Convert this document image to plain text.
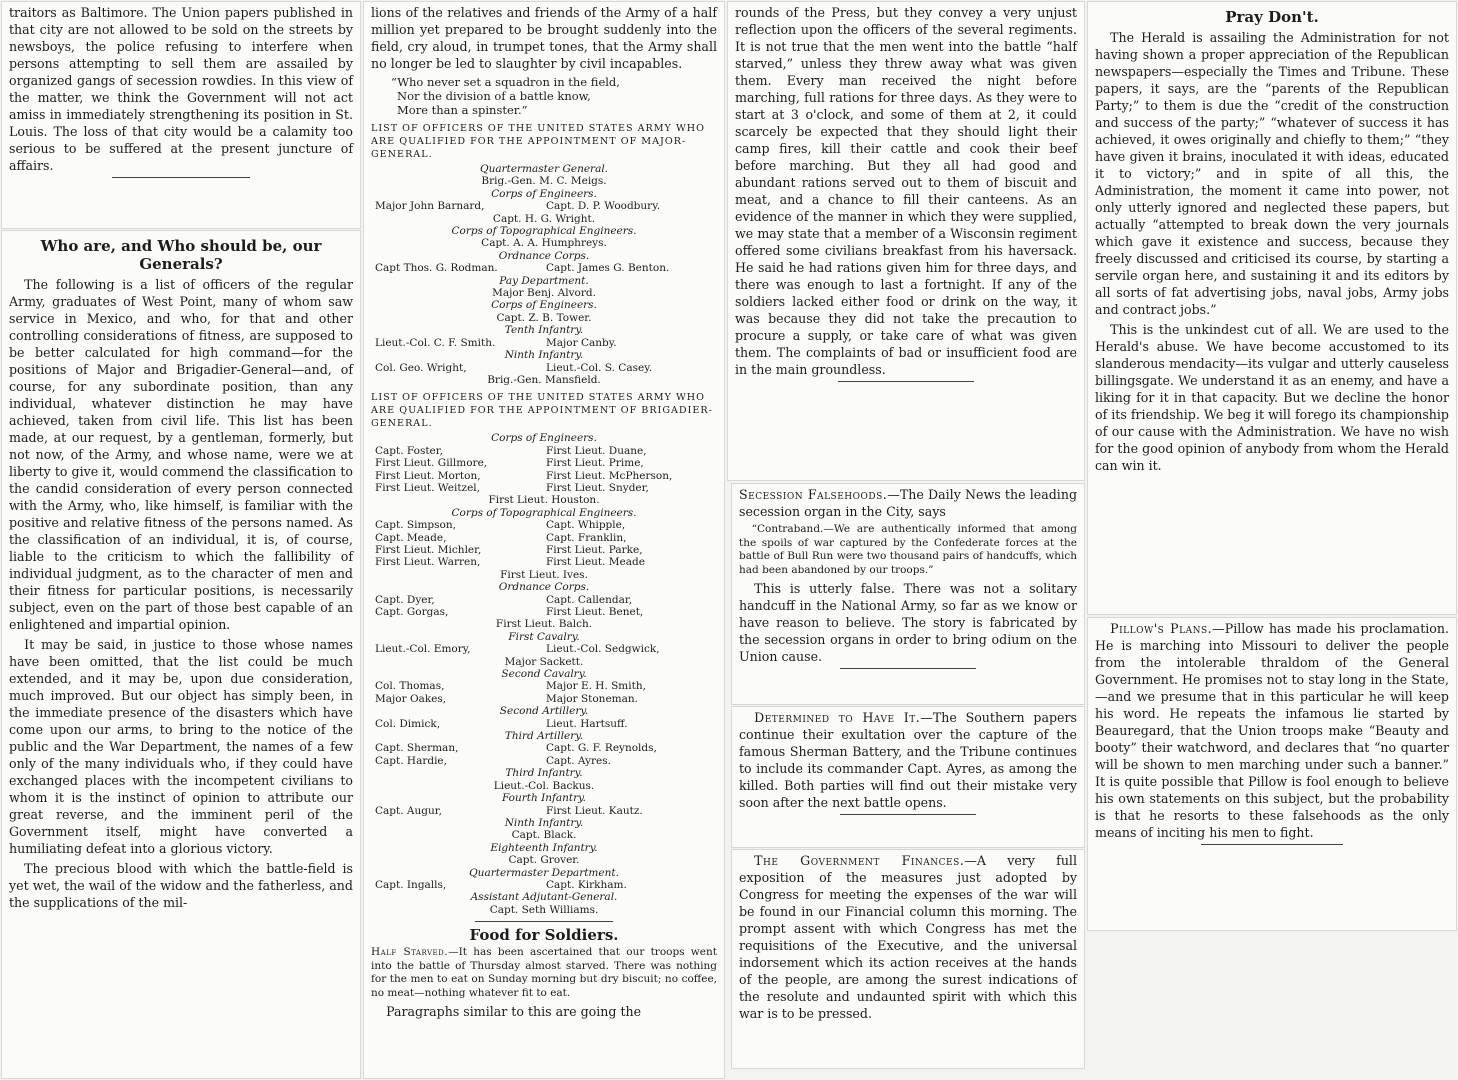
traitors as Baltimore. The Union papers published in that city are not allowed to be sold on the streets by newsboys, the police refusing to interfere when persons attempting to sell them are assailed by organized gangs of secession rowdies. In this view of the matter, we think the Government will not act amiss in immediately strengthening its position in St. Louis. The loss of that city would be a calamity too serious to be suffered at the present juncture of affairs.

Who are, and Who should be, our Generals?

The following is a list of officers of the regular Army, graduates of West Point, many of whom saw service in Mexico, and who, for that and other controlling considerations of fitness, are supposed to be better calculated for high command—for the positions of Major and Brigadier-General—and, of course, for any subordinate position, than any individual, whatever distinction he may have achieved, taken from civil life. This list has been made, at our request, by a gentleman, formerly, but not now, of the Army, and whose name, were we at liberty to give it, would commend the classification to the candid consideration of every person connected with the Army, who, like himself, is familiar with the positive and relative fitness of the persons named. As the classification of an individual, it is, of course, liable to the criticism to which the fallibility of individual judgment, as to the character of men and their fitness for particular positions, is necessarily subject, even on the part of those best capable of an enlightened and impartial opinion.

It may be said, in justice to those whose names have been omitted, that the list could be much extended, and it may be, upon due consideration, much improved. But our object has simply been, in the immediate presence of the disasters which have come upon our arms, to bring to the notice of the public and the War Department, the names of a few only of the many individuals who, if they could have exchanged places with the incompetent civilians to whom it is the instinct of opinion to attribute our great reverse, and the imminent peril of the Government itself, might have converted a humiliating defeat into a glorious victory.

The precious blood with which the battle-field is yet wet, the wail of the widow and the fatherless, and the supplications of the mil-

lions of the relatives and friends of the Army of a half million yet prepared to be brought suddenly into the field, cry aloud, in trumpet tones, that the Army shall no longer be led to slaughter by civil incapables.

“Who never set a squadron in the field,
Nor the division of a battle know,
More than a spinster.”
LIST OF OFFICERS OF THE UNITED STATES ARMY WHO ARE QUALIFIED FOR THE APPOINTMENT OF MAJOR-GENERAL.
Quartermaster General.
Brig.-Gen. M. C. Meigs.
Corps of Engineers.
Major John Barnard,	Capt. D. P. Woodbury.
Capt. H. G. Wright.
Corps of Topographical Engineers.
Capt. A. A. Humphreys.
Ordnance Corps.
Capt Thos. G. Rodman.	Capt. James G. Benton.
Pay Department.
Major Benj. Alvord.
Corps of Engineers.
Capt. Z. B. Tower.
Tenth Infantry.
Lieut.-Col. C. F. Smith.	Major Canby.
Ninth Infantry.
Col. Geo. Wright,	Lieut.-Col. S. Casey.
Brig.-Gen. Mansfield.
LIST OF OFFICERS OF THE UNITED STATES ARMY WHO ARE QUALIFIED FOR THE APPOINTMENT OF BRIGADIER-GENERAL.
Corps of Engineers.
Capt. Foster,	First Lieut. Duane,
First Lieut. Gillmore,	First Lieut. Prime,
First Lieut. Morton,	First Lieut. McPherson,
First Lieut. Weitzel,	First Lieut. Snyder,
First Lieut. Houston.
Corps of Topographical Engineers.
Capt. Simpson,	Capt. Whipple,
Capt. Meade,	Capt. Franklin,
First Lieut. Michler,	First Lieut. Parke,
First Lieut. Warren,	First Lieut. Meade
First Lieut. Ives.
Ordnance Corps.
Capt. Dyer,	Capt. Callendar,
Capt. Gorgas,	First Lieut. Benet,
First Lieut. Balch.
First Cavalry.
Lieut.-Col. Emory,	Lieut.-Col. Sedgwick,
Major Sackett.
Second Cavalry.
Col. Thomas,	Major E. H. Smith,
Major Oakes,	Major Stoneman.
Second Artillery.
Col. Dimick,	Lieut. Hartsuff.
Third Artillery.
Capt. Sherman,	Capt. G. F. Reynolds,
Capt. Hardie,	Capt. Ayres.
Third Infantry.
Lieut.-Col. Backus.
Fourth Infantry.
Capt. Augur,	First Lieut. Kautz.
Ninth Infantry.
Capt. Black.
Eighteenth Infantry.
Capt. Grover.
Quartermaster Department.
Capt. Ingalls,	Capt. Kirkham.
Assistant Adjutant-General.
Capt. Seth Williams.
Food for Soldiers.

Half Starved.—It has been ascertained that our troops went into the battle of Thursday almost starved. There was nothing for the men to eat on Sunday morning but dry biscuit; no coffee, no meat—nothing whatever fit to eat.

Paragraphs similar to this are going the

rounds of the Press, but they convey a very unjust reflection upon the officers of the several regiments. It is not true that the men went into the battle “half starved,” unless they threw away what was given them. Every man received the night before marching, full rations for three days. As they were to start at 3 o'clock, and some of them at 2, it could scarcely be expected that they should light their camp fires, kill their cattle and cook their beef before marching. But they all had good and abundant rations served out to them of biscuit and meat, and a chance to fill their canteens. As an evidence of the manner in which they were supplied, we may state that a member of a Wisconsin regiment offered some civilians breakfast from his haversack. He said he had rations given him for three days, and there was enough to last a fortnight. If any of the soldiers lacked either food or drink on the way, it was because they did not take the precaution to procure a supply, or take care of what was given them. The complaints of bad or insufficient food are in the main groundless.

Secession Falsehoods.—The Daily News the leading secession organ in the City, says

“Contraband.—We are authentically informed that among the spoils of war captured by the Confederate forces at the battle of Bull Run were two thousand pairs of handcuffs, which had been abandoned by our troops.”

This is utterly false. There was not a solitary handcuff in the National Army, so far as we know or have reason to believe. The story is fabricated by the secession organs in order to bring odium on the Union cause.

Determined to Have It.—The Southern papers continue their exultation over the capture of the famous Sherman Battery, and the Tribune continues to include its commander Capt. Ayres, as among the killed. Both parties will find out their mistake very soon after the next battle opens.

The Government Finances.—A very full exposition of the measures just adopted by Congress for meeting the expenses of the war will be found in our Financial column this morning. The prompt assent with which Congress has met the requisitions of the Executive, and the universal indorsement which its action receives at the hands of the people, are among the surest indications of the resolute and undaunted spirit with which this war is to be pressed.

Pray Don't.

The Herald is assailing the Administration for not having shown a proper appreciation of the Republican newspapers—especially the Times and Tribune. These papers, it says, are the “parents of the Republican Party;” to them is due the “credit of the construction and success of the party;” “whatever of success it has achieved, it owes originally and chiefly to them;” “they have given it brains, inoculated it with ideas, educated it to victory;” and in spite of all this, the Administration, the moment it came into power, not only utterly ignored and neglected these papers, but actually “attempted to break down the very journals which gave it existence and success, because they freely discussed and criticised its course, by starting a servile organ here, and sustaining it and its editors by all sorts of fat advertising jobs, naval jobs, Army jobs and contract jobs.”

This is the unkindest cut of all. We are used to the Herald's abuse. We have become accustomed to its slanderous mendacity—its vulgar and utterly causeless billingsgate. We understand it as an enemy, and have a liking for it in that capacity. But we decline the honor of its friendship. We beg it will forego its championship of our cause with the Administration. We have no wish for the good opinion of anybody from whom the Herald can win it.

Pillow's Plans.—Pillow has made his proclamation. He is marching into Missouri to deliver the people from the intolerable thraldom of the General Government. He promises not to stay long in the State,—and we presume that in this particular he will keep his word. He repeats the infamous lie started by Beauregard, that the Union troops make “Beauty and booty” their watchword, and declares that “no quarter will be shown to men marching under such a banner.” It is quite possible that Pillow is fool enough to believe his own statements on this subject, but the probability is that he resorts to these falsehoods as the only means of inciting his men to fight.
